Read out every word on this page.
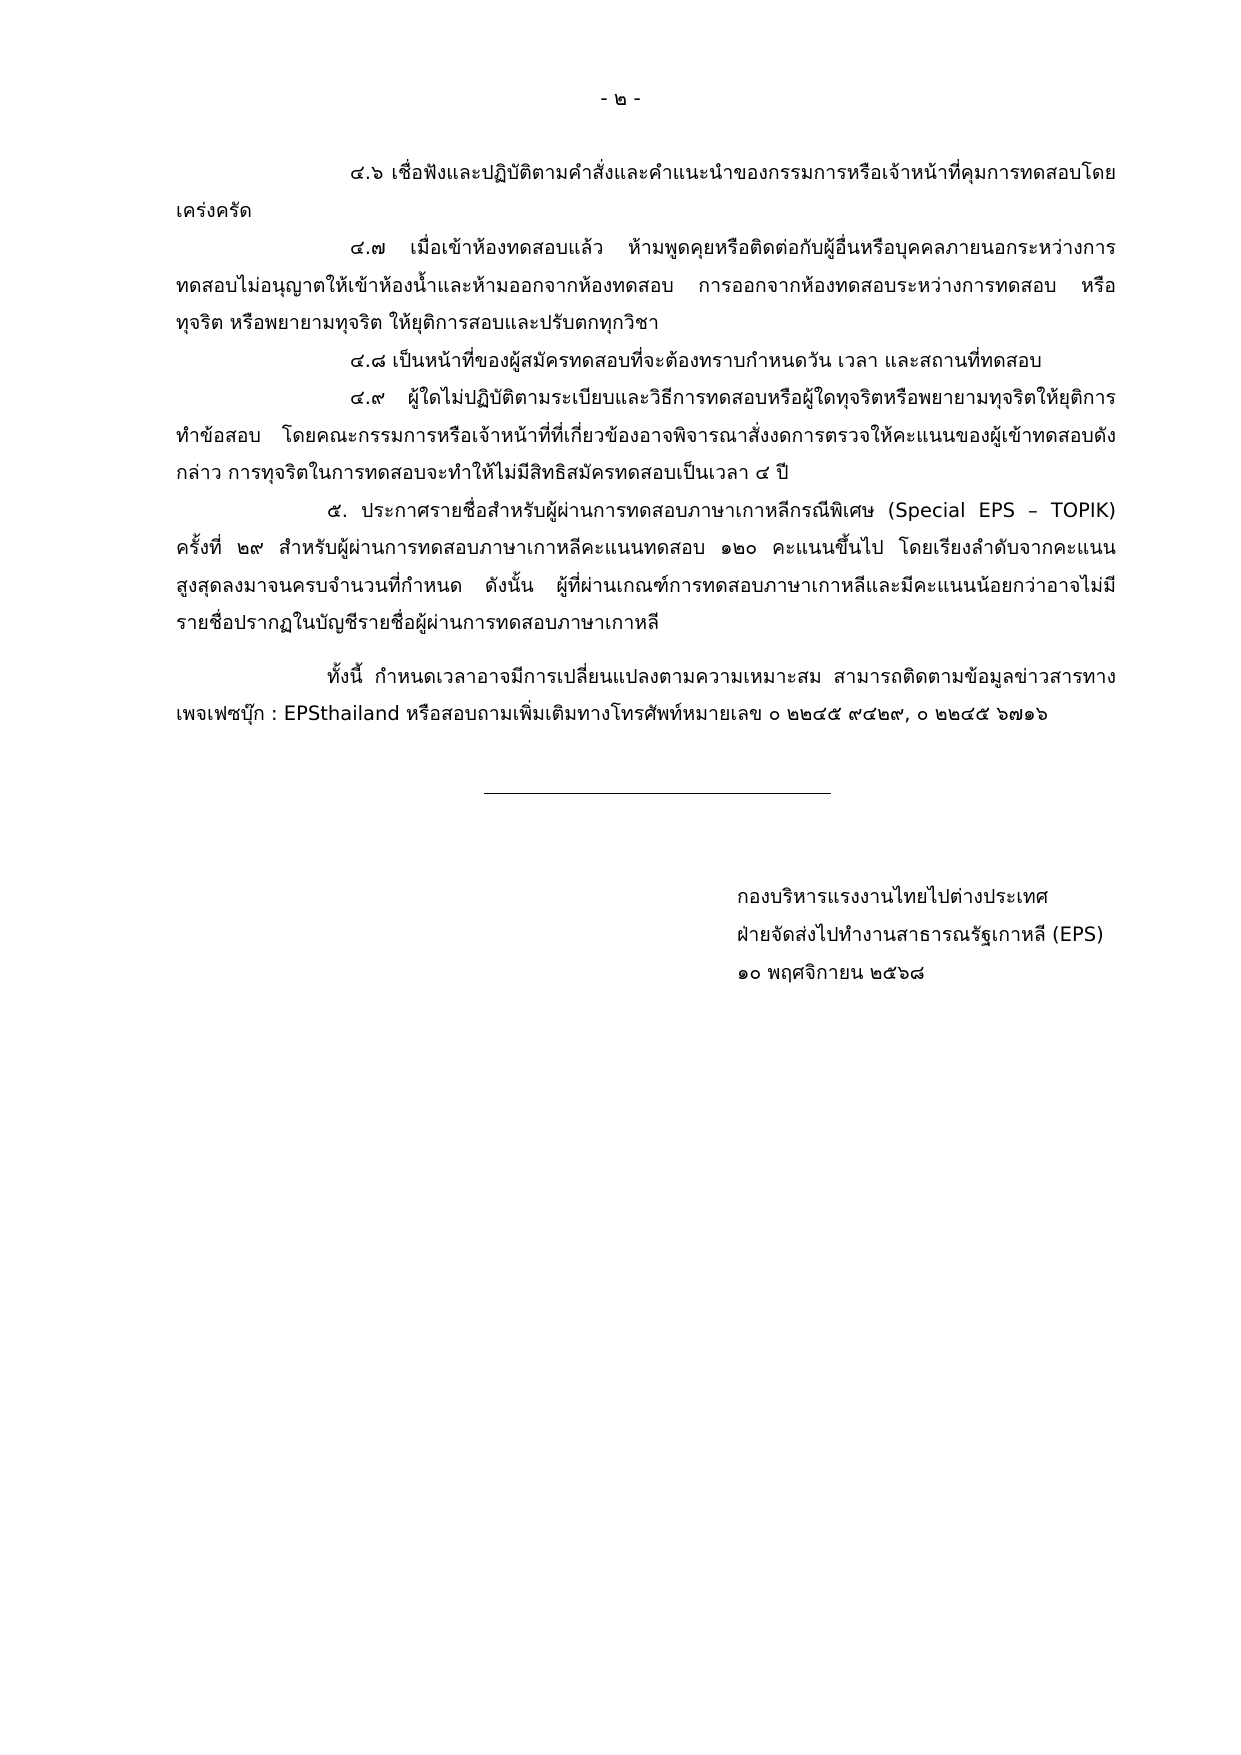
- ๒ -

๔.๖ เชื่อฟังและปฏิบัติตามคำสั่งและคำแนะนำของกรรมการหรือเจ้าหน้าที่คุมการทดสอบโดยเคร่งครัด

๔.๗ เมื่อเข้าห้องทดสอบแล้ว ห้ามพูดคุยหรือติดต่อกับผู้อื่นหรือบุคคลภายนอกระหว่างการทดสอบไม่อนุญาตให้เข้าห้องน้ำและห้ามออกจากห้องทดสอบ การออกจากห้องทดสอบระหว่างการทดสอบ หรือทุจริต หรือพยายามทุจริต ให้ยุติการสอบและปรับตกทุกวิชา

๔.๘ เป็นหน้าที่ของผู้สมัครทดสอบที่จะต้องทราบกำหนดวัน เวลา และสถานที่ทดสอบ

๔.๙ ผู้ใดไม่ปฏิบัติตามระเบียบและวิธีการทดสอบหรือผู้ใดทุจริตหรือพยายามทุจริตให้ยุติการทำข้อสอบ โดยคณะกรรมการหรือเจ้าหน้าที่ที่เกี่ยวข้องอาจพิจารณาสั่งงดการตรวจให้คะแนนของผู้เข้าทดสอบดังกล่าว การทุจริตในการทดสอบจะทำให้ไม่มีสิทธิสมัครทดสอบเป็นเวลา ๔ ปี

๕. ประกาศรายชื่อสำหรับผู้ผ่านการทดสอบภาษาเกาหลีกรณีพิเศษ (Special EPS – TOPIK) ครั้งที่ ๒๙ สำหรับผู้ผ่านการทดสอบภาษาเกาหลีคะแนนทดสอบ ๑๒๐ คะแนนขึ้นไป โดยเรียงลำดับจากคะแนนสูงสุดลงมาจนครบจำนวนที่กำหนด ดังนั้น ผู้ที่ผ่านเกณฑ์การทดสอบภาษาเกาหลีและมีคะแนนน้อยกว่าอาจไม่มีรายชื่อปรากฏในบัญชีรายชื่อผู้ผ่านการทดสอบภาษาเกาหลี

ทั้งนี้ กำหนดเวลาอาจมีการเปลี่ยนแปลงตามความเหมาะสม สามารถติดตามข้อมูลข่าวสารทางเพจเฟซบุ๊ก : EPSthailand หรือสอบถามเพิ่มเติมทางโทรศัพท์หมายเลข ๐ ๒๒๔๕ ๙๔๒๙, ๐ ๒๒๔๕ ๖๗๑๖

กองบริหารแรงงานไทยไปต่างประเทศ
ฝ่ายจัดส่งไปทำงานสาธารณรัฐเกาหลี (EPS)
๑๐ พฤศจิกายน ๒๕๖๘
